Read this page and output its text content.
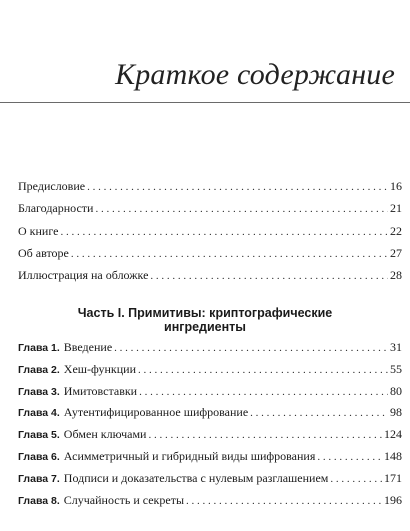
Краткое содержание
Предисловие . . .	16
Благодарности . . .	21
О книге . . .	22
Об авторе . . .	27
Иллюстрация на обложке . . .	28
Часть I. Примитивы: криптографические
ингредиенты
Глава 1. Введение . . .	31
Глава 2. Хеш-функции . . .	55
Глава 3. Имитовставки . . .	80
Глава 4. Аутентифицированное шифрование . . .	98
Глава 5. Обмен ключами . . .	124
Глава 6. Асимметричный и гибридный виды шифрования . . .	148
Глава 7. Подписи и доказательства с нулевым разглашением . . .	171
Глава 8. Случайность и секреты . . .	196
